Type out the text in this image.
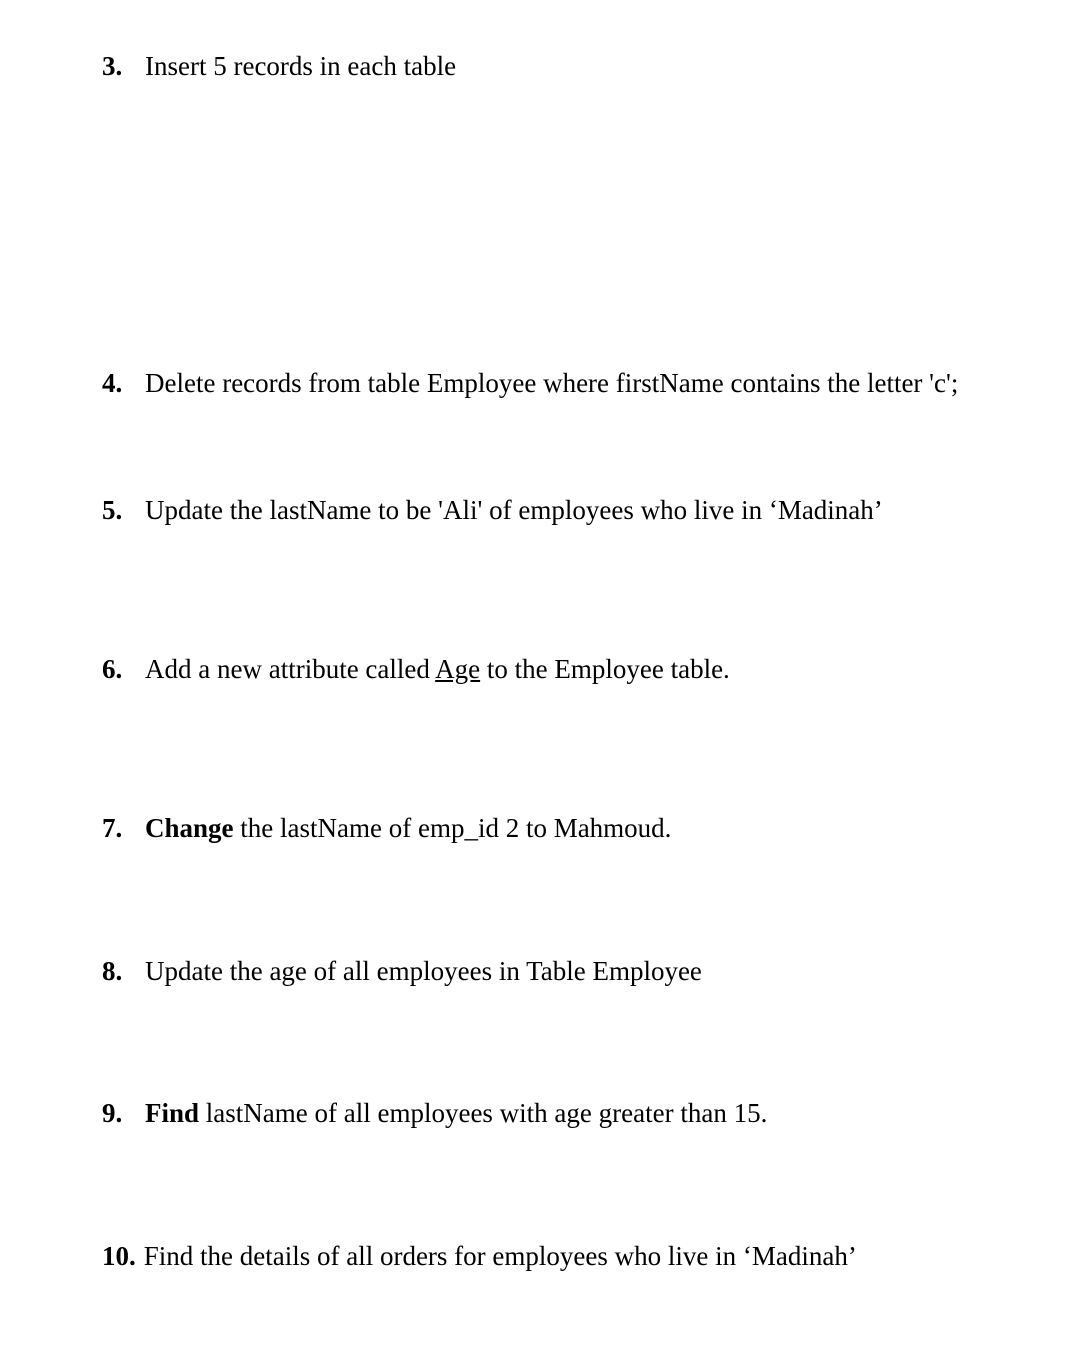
3. Insert 5 records in each table
4. Delete records from table Employee where firstName contains the letter 'c';
5. Update the lastName to be 'Ali' of employees who live in ‘Madinah’
6. Add a new attribute called Age to the Employee table.
7. Change the lastName of emp_id 2 to Mahmoud.
8. Update the age of all employees in Table Employee
9. Find lastName of all employees with age greater than 15.
10. Find the details of all orders for employees who live in ‘Madinah’
